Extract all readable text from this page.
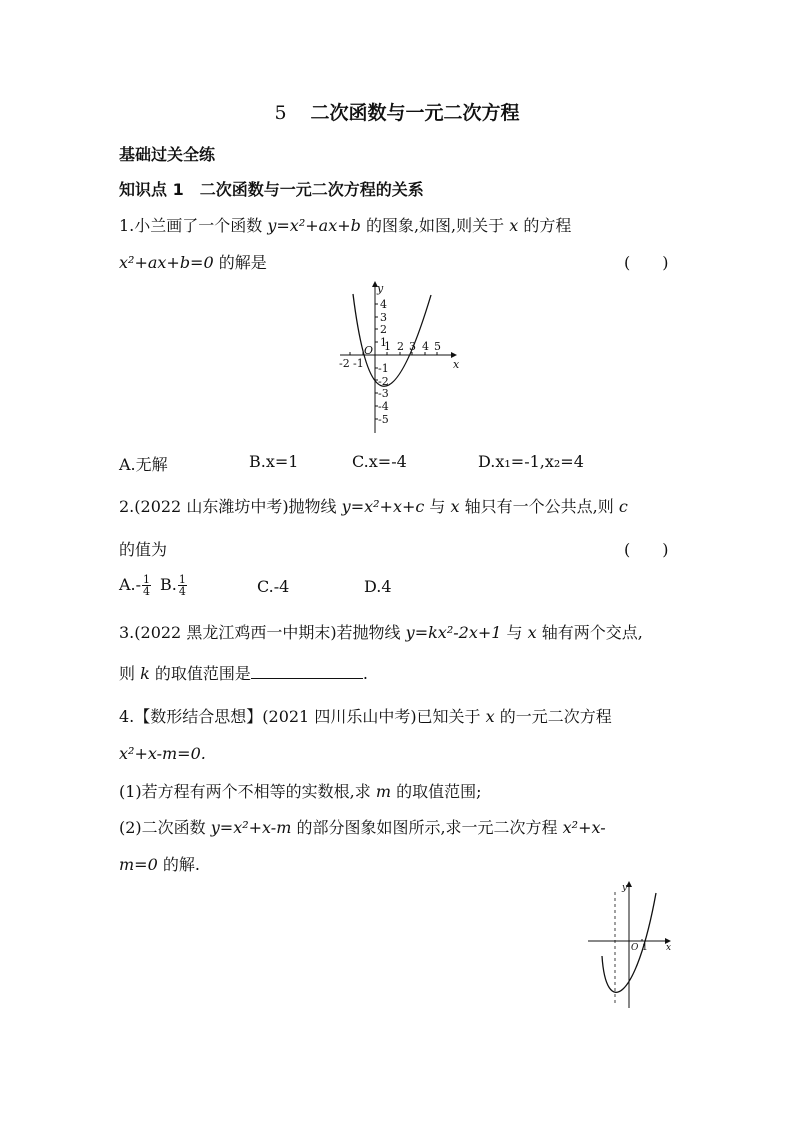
5 二次函数与一元二次方程
基础过关全练
知识点 1　二次函数与一元二次方程的关系
1.小兰画了一个函数 y=x²+ax+b 的图象,如图,则关于 x 的方程
x²+ax+b=0 的解是	(　　)
y
x
O
4
3
2
1
-1
-2
-3
-4
-5
-2 -1
1 2 3 4 5
A.无解	B.x=1	C.x=-4	D.x₁=-1,x₂=4
2.(2022 山东潍坊中考)抛物线 y=x²+x+c 与 x 轴只有一个公共点,则 c
的值为	(　　)
$A.- \frac{1}{4} B$. $\frac{1}{4}$	C.-4	D.4
3.(2022 黑龙江鸡西一中期末)若抛物线 y=kx²-2x+1 与 x 轴有两个交点,
则 k 的取值范围是	.
4.【数形结合思想】(2021 四川乐山中考)已知关于 x 的一元二次方程
x²+x-m=0.
(1)若方程有两个不相等的实数根,求 m 的取值范围;
(2)二次函数 y=x²+x-m 的部分图象如图所示,求一元二次方程 x²+x-
m=0 的解.
y
x
O 1
